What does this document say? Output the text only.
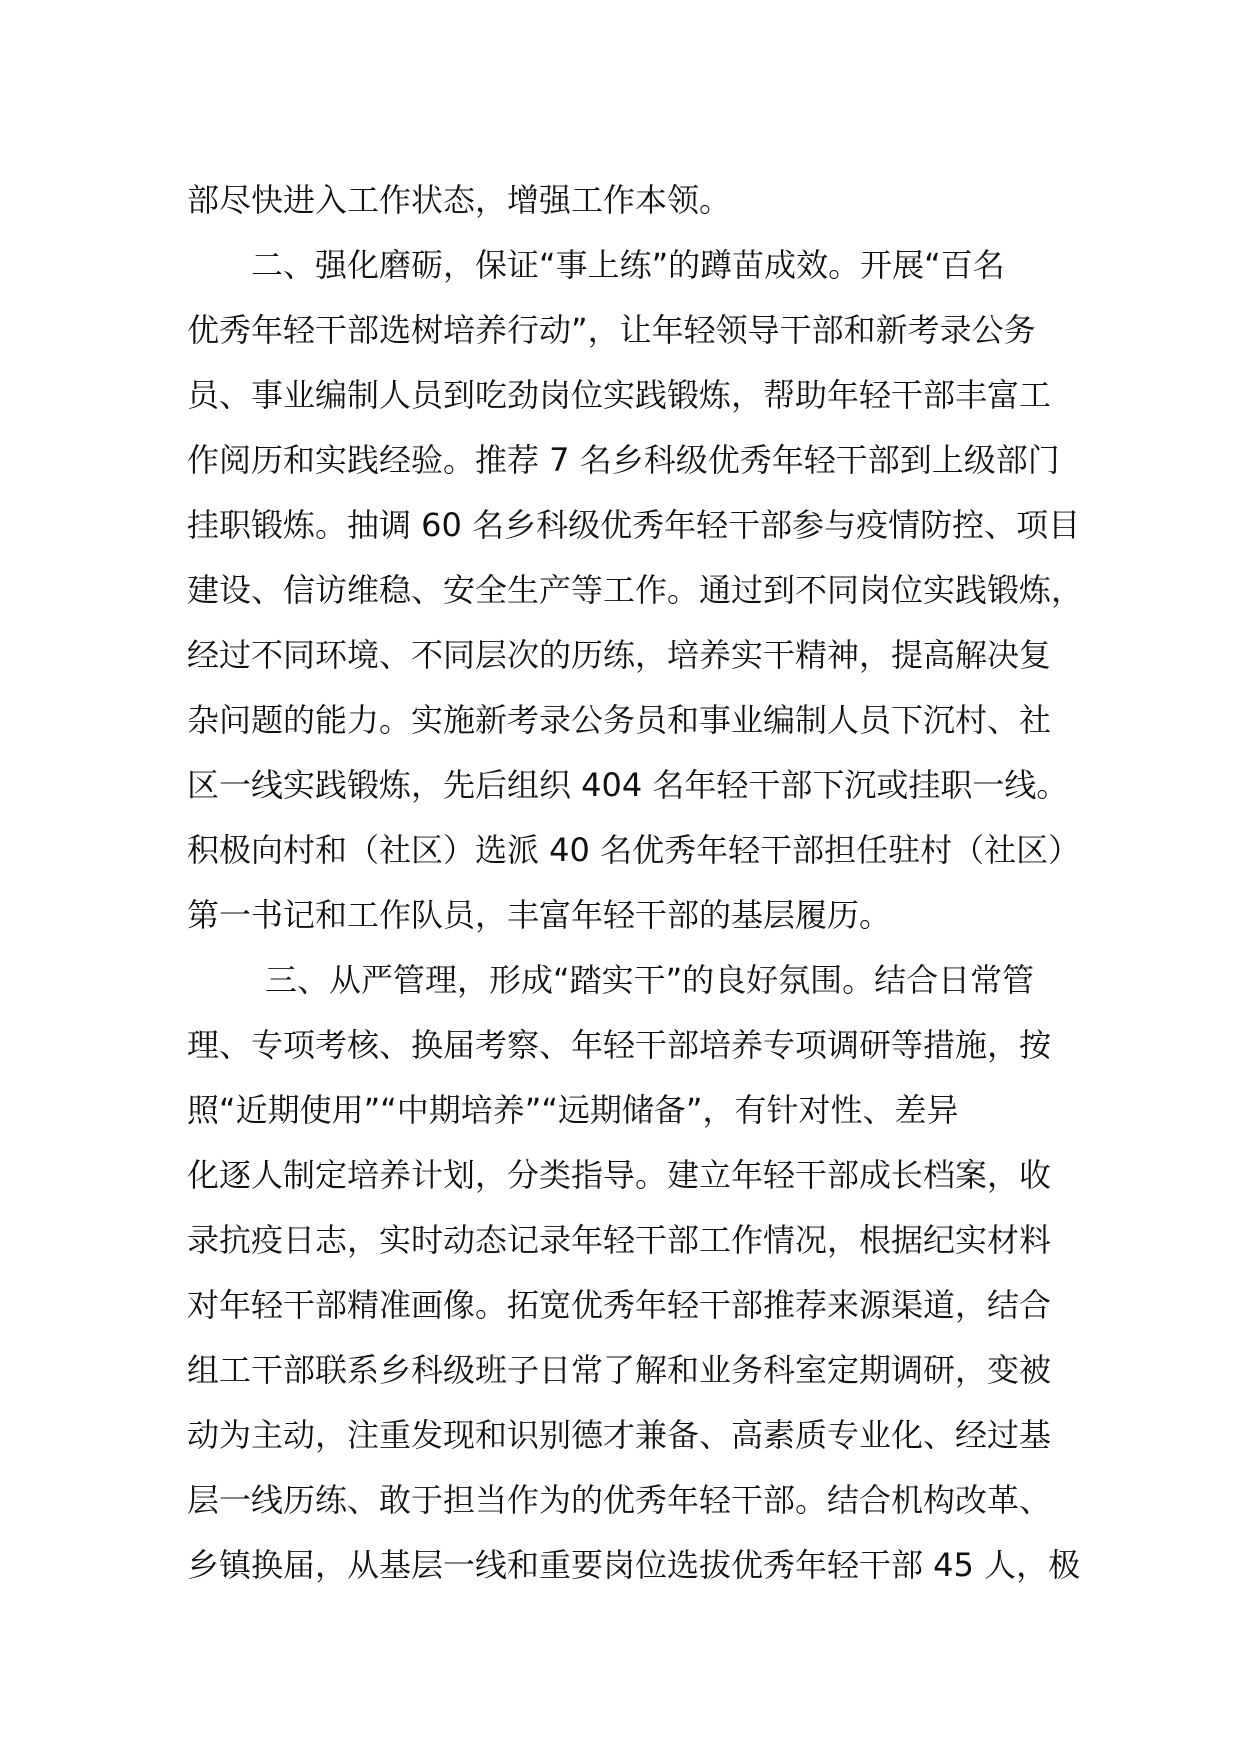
部尽快进入工作状态，增强工作本领。
二、强化磨砺，保证“事上练”的蹲苗成效。开展“百名
优秀年轻干部选树培养行动”，让年轻领导干部和新考录公务
员、事业编制人员到吃劲岗位实践锻炼，帮助年轻干部丰富工
作阅历和实践经验。推荐 7 名乡科级优秀年轻干部到上级部门
挂职锻炼。抽调 60 名乡科级优秀年轻干部参与疫情防控、项目
建设、信访维稳、安全生产等工作。通过到不同岗位实践锻炼，
经过不同环境、不同层次的历练，培养实干精神，提高解决复
杂问题的能力。实施新考录公务员和事业编制人员下沉村、社
区一线实践锻炼，先后组织 404 名年轻干部下沉或挂职一线。
积极向村和（社区）选派 40 名优秀年轻干部担任驻村（社区）
第一书记和工作队员，丰富年轻干部的基层履历。
三、从严管理，形成“踏实干”的良好氛围。结合日常管
理、专项考核、换届考察、年轻干部培养专项调研等措施，按
照“近期使用”“中期培养”“远期储备”，有针对性、差异
化逐人制定培养计划，分类指导。建立年轻干部成长档案，收
录抗疫日志，实时动态记录年轻干部工作情况，根据纪实材料
对年轻干部精准画像。拓宽优秀年轻干部推荐来源渠道，结合
组工干部联系乡科级班子日常了解和业务科室定期调研，变被
动为主动，注重发现和识别德才兼备、高素质专业化、经过基
层一线历练、敢于担当作为的优秀年轻干部。结合机构改革、
乡镇换届，从基层一线和重要岗位选拔优秀年轻干部 45 人，极
